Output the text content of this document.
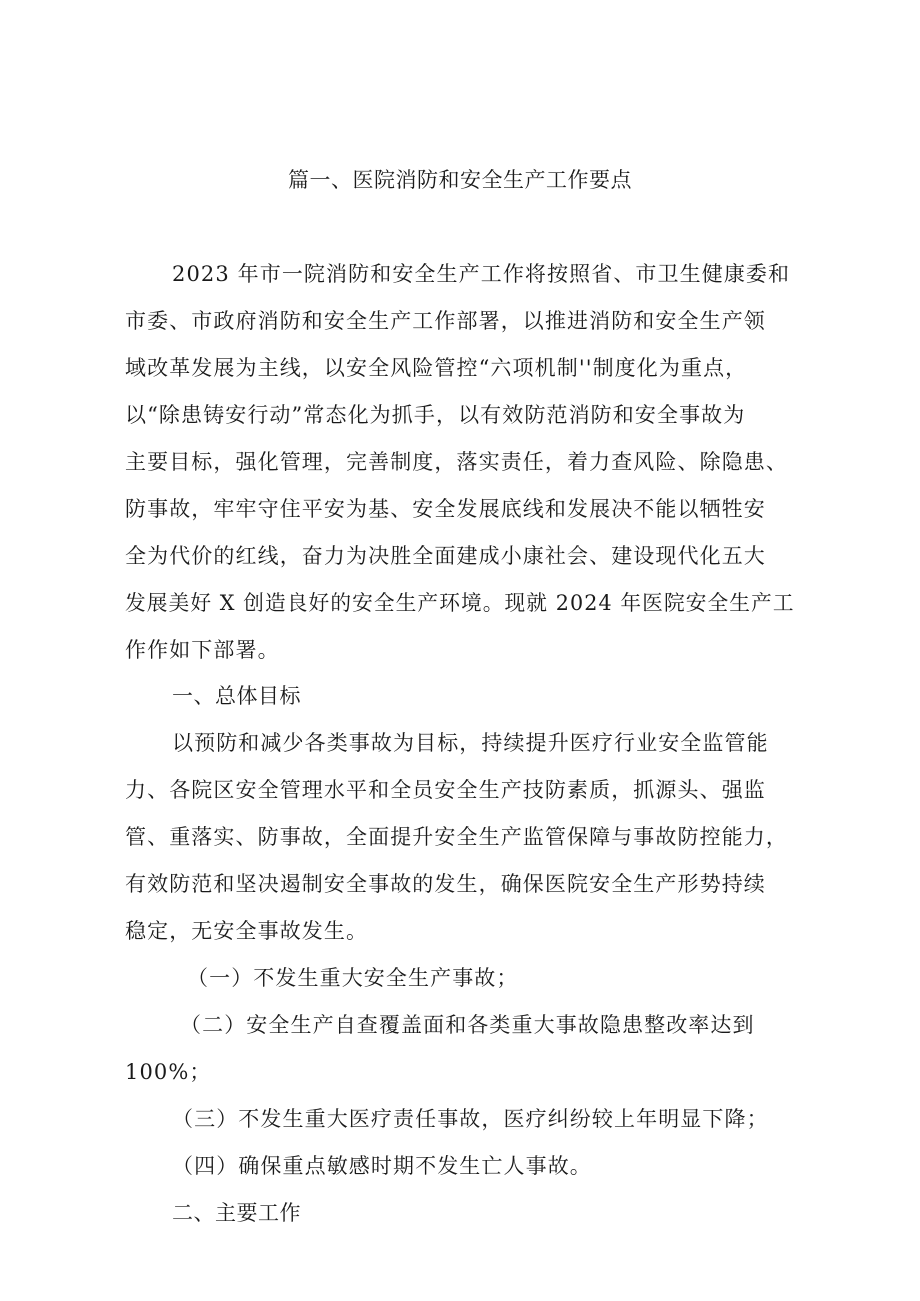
篇一、医院消防和安全生产工作要点
2023 年市一院消防和安全生产工作将按照省、市卫生健康委和
市委、市政府消防和安全生产工作部署，以推进消防和安全生产领
域改革发展为主线，以安全风险管控“六项机制''制度化为重点，
以“除患铸安行动”常态化为抓手，以有效防范消防和安全事故为
主要目标，强化管理，完善制度，落实责任，着力查风险、除隐患、
防事故，牢牢守住平安为基、安全发展底线和发展决不能以牺牲安
全为代价的红线，奋力为决胜全面建成小康社会、建设现代化五大
发展美好 X 创造良好的安全生产环境。现就 2024 年医院安全生产工
作作如下部署。
一、总体目标
以预防和减少各类事故为目标，持续提升医疗行业安全监管能
力、各院区安全管理水平和全员安全生产技防素质，抓源头、强监
管、重落实、防事故，全面提升安全生产监管保障与事故防控能力，
有效防范和坚决遏制安全事故的发生，确保医院安全生产形势持续
稳定，无安全事故发生。
（一）不发生重大安全生产事故；
（二）安全生产自查覆盖面和各类重大事故隐患整改率达到
100%；
（三）不发生重大医疗责任事故，医疗纠纷较上年明显下降；
（四）确保重点敏感时期不发生亡人事故。
二、主要工作
